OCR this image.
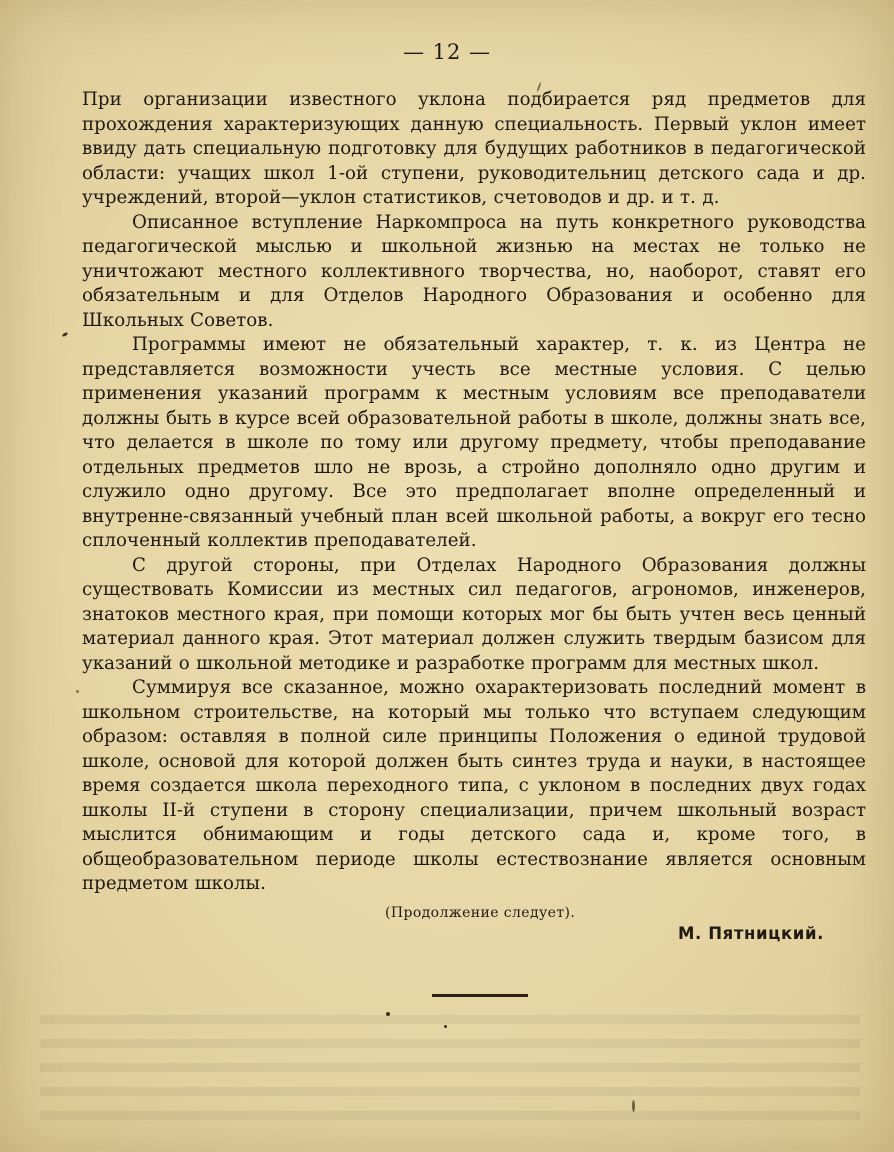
— 12 —

При организации известного уклона подбирается ряд предметов для прохождения характеризующих данную специальность. Первый уклон имеет ввиду дать специальную подготовку для будущих работников в педагогической области: учащих школ 1-ой ступени, руководительниц детского сада и др. учреждений, второй—уклон статистиков, счетоводов и др. и т. д.

Описанное вступление Наркомпроса на путь конкретного руководства педагогической мыслью и школьной жизнью на местах не только не уничтожают местного коллективного творчества, но, наоборот, ставят его обязательным и для Отделов Народного Образования и особенно для Школьных Советов.

Программы имеют не обязательный характер, т. к. из Центра не представляется возможности учесть все местные условия. С целью применения указаний программ к местным условиям все преподаватели должны быть в курсе всей образовательной работы в школе, должны знать все, что делается в школе по тому или другому предмету, чтобы преподавание отдельных предметов шло не врозь, а стройно дополняло одно другим и служило одно другому. Все это предполагает вполне определенный и внутренне-связанный учебный план всей школьной работы, а вокруг его тесно сплоченный коллектив преподавателей.

С другой стороны, при Отделах Народного Образования должны существовать Комиссии из местных сил педагогов, агрономов, инженеров, знатоков местного края, при помощи которых мог бы быть учтен весь ценный материал данного края. Этот материал должен служить твердым базисом для указаний о школьной методике и разработке программ для местных школ.

Суммируя все сказанное, можно охарактеризовать последний момент в школьном строительстве, на который мы только что вступаем следующим образом: оставляя в полной силе принципы Положения о единой трудовой школе, основой для которой должен быть синтез труда и науки, в настоящее время создается школа переходного типа, с уклоном в последних двух годах школы II-й ступени в сторону специализации, причем школьный возраст мыслится обнимающим и годы детского сада и, кроме того, в общеобразовательном периоде школы естествознание является основным предметом школы.

(Продолжение следует).
М. Пятницкий.
